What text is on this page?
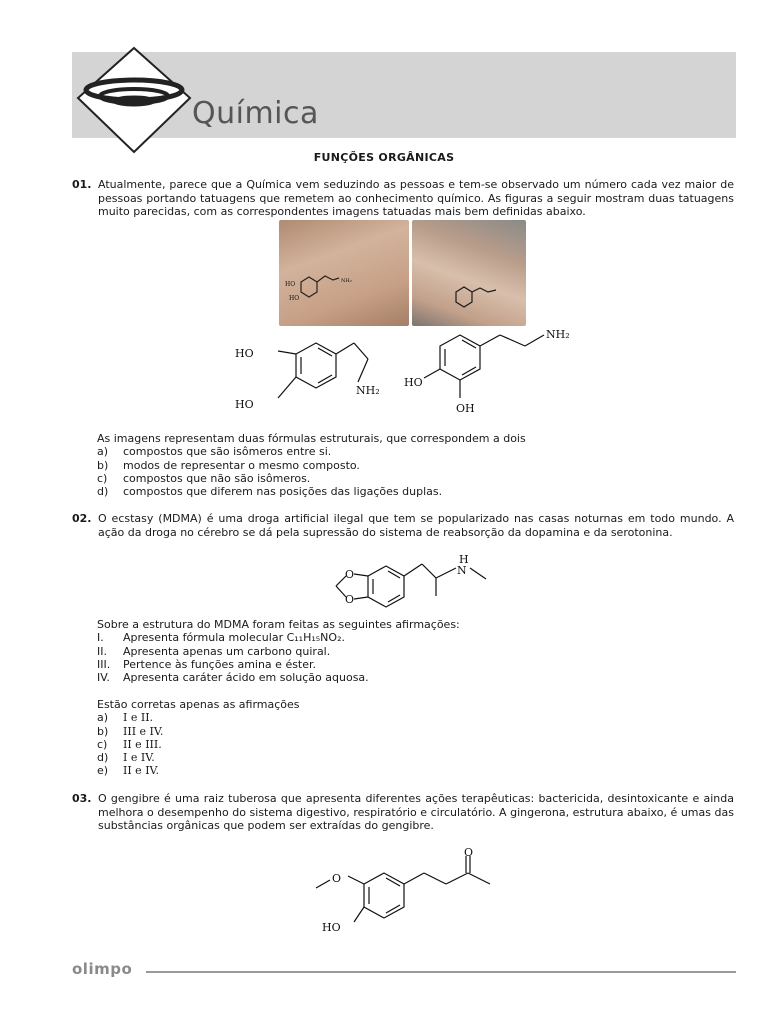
Química
FUNÇÕES ORGÂNICAS
01. Atualmente, parece que a Química vem seduzindo as pessoas e tem-se observado um número cada vez maior de pessoas portando tatuagens que remetem ao conhecimento químico. As figuras a seguir mostram duas tatuagens muito parecidas, com as correspondentes imagens tatuadas mais bem definidas abaixo.
HO
HO
NH₂
HO
HO
NH₂
NH₂
HO
OH
As imagens representam duas fórmulas estruturais, que correspondem a dois
a)	compostos que são isômeros entre si.
b)	modos de representar o mesmo composto.
c)	compostos que não são isômeros.
d)	compostos que diferem nas posições das ligações duplas.
02. O ecstasy (MDMA) é uma droga artificial ilegal que tem se popularizado nas casas noturnas em todo mundo. A ação da droga no cérebro se dá pela supressão do sistema de reabsorção da dopamina e da serotonina.
O
O
H
N
Sobre a estrutura do MDMA foram feitas as seguintes afirmações:
I.	Apresenta fórmula molecular C₁₁H₁₅NO₂.
II.	Apresenta apenas um carbono quiral.
III.	Pertence às funções amina e éster.
IV.	Apresenta caráter ácido em solução aquosa.
Estão corretas apenas as afirmações
a)	I e II.
b)	III e IV.
c)	II e III.
d)	I e IV.
e)	II e IV.
03. O gengibre é uma raiz tuberosa que apresenta diferentes ações terapêuticas: bactericida, desintoxicante e ainda melhora o desempenho do sistema digestivo, respiratório e circulatório. A gingerona, estrutura abaixo, é umas das substâncias orgânicas que podem ser extraídas do gengibre.
O
O
HO
olimpo
